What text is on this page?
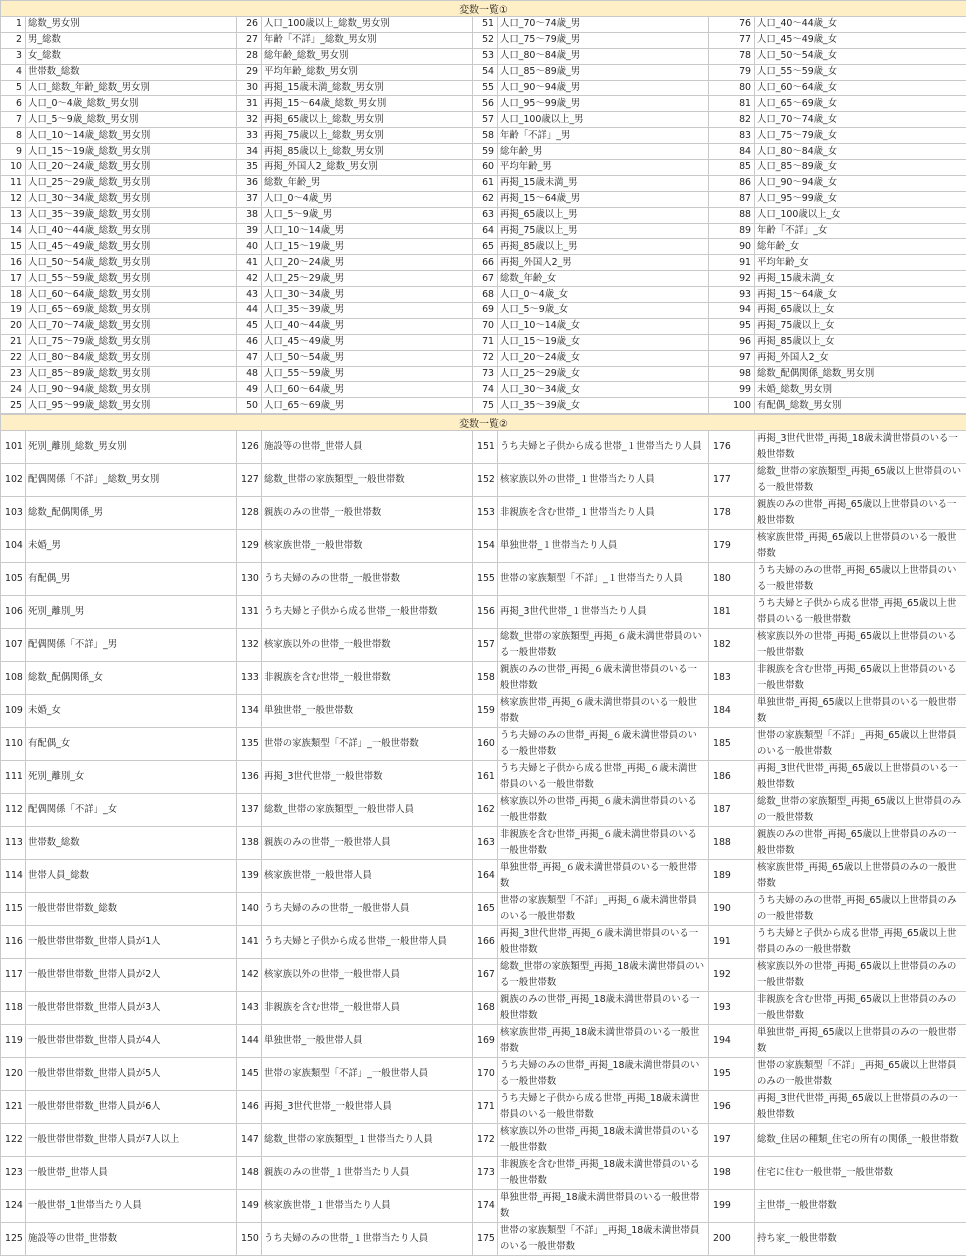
変数一覧①							
1	総数_男女別	26	人口_100歳以上_総数_男女別	51	人口_70～74歳_男	76	人口_40～44歳_女
2	男_総数	27	年齢「不詳」_総数_男女別	52	人口_75～79歳_男	77	人口_45～49歳_女
3	女_総数	28	総年齢_総数_男女別	53	人口_80～84歳_男	78	人口_50～54歳_女
4	世帯数_総数	29	平均年齢_総数_男女別	54	人口_85～89歳_男	79	人口_55～59歳_女
5	人口_総数_年齢_総数_男女別	30	再掲_15歳未満_総数_男女別	55	人口_90～94歳_男	80	人口_60～64歳_女
6	人口_0～4歳_総数_男女別	31	再掲_15～64歳_総数_男女別	56	人口_95～99歳_男	81	人口_65～69歳_女
7	人口_5～9歳_総数_男女別	32	再掲_65歳以上_総数_男女別	57	人口_100歳以上_男	82	人口_70～74歳_女
8	人口_10～14歳_総数_男女別	33	再掲_75歳以上_総数_男女別	58	年齢「不詳」_男	83	人口_75～79歳_女
9	人口_15～19歳_総数_男女別	34	再掲_85歳以上_総数_男女別	59	総年齢_男	84	人口_80～84歳_女
10	人口_20～24歳_総数_男女別	35	再掲_外国人2_総数_男女別	60	平均年齢_男	85	人口_85～89歳_女
11	人口_25～29歳_総数_男女別	36	総数_年齢_男	61	再掲_15歳未満_男	86	人口_90～94歳_女
12	人口_30～34歳_総数_男女別	37	人口_0～4歳_男	62	再掲_15～64歳_男	87	人口_95～99歳_女
13	人口_35～39歳_総数_男女別	38	人口_5～9歳_男	63	再掲_65歳以上_男	88	人口_100歳以上_女
14	人口_40～44歳_総数_男女別	39	人口_10～14歳_男	64	再掲_75歳以上_男	89	年齢「不詳」_女
15	人口_45～49歳_総数_男女別	40	人口_15～19歳_男	65	再掲_85歳以上_男	90	総年齢_女
16	人口_50～54歳_総数_男女別	41	人口_20～24歳_男	66	再掲_外国人2_男	91	平均年齢_女
17	人口_55～59歳_総数_男女別	42	人口_25～29歳_男	67	総数_年齢_女	92	再掲_15歳未満_女
18	人口_60～64歳_総数_男女別	43	人口_30～34歳_男	68	人口_0～4歳_女	93	再掲_15～64歳_女
19	人口_65～69歳_総数_男女別	44	人口_35～39歳_男	69	人口_5～9歳_女	94	再掲_65歳以上_女
20	人口_70～74歳_総数_男女別	45	人口_40～44歳_男	70	人口_10～14歳_女	95	再掲_75歳以上_女
21	人口_75～79歳_総数_男女別	46	人口_45～49歳_男	71	人口_15～19歳_女	96	再掲_85歳以上_女
22	人口_80～84歳_総数_男女別	47	人口_50～54歳_男	72	人口_20～24歳_女	97	再掲_外国人2_女
23	人口_85～89歳_総数_男女別	48	人口_55～59歳_男	73	人口_25～29歳_女	98	総数_配偶関係_総数_男女別
24	人口_90～94歳_総数_男女別	49	人口_60～64歳_男	74	人口_30～34歳_女	99	未婚_総数_男女別
25	人口_95～99歳_総数_男女別	50	人口_65～69歳_男	75	人口_35～39歳_女	100	有配偶_総数_男女別
変数一覧②							
101	死別_離別_総数_男女別	126	施設等の世帯_世帯人員	151	うち夫婦と子供から成る世帯_１世帯当たり人員	176	再掲_3世代世帯_再掲_18歳未満世帯員のいる一般世帯数
102	配偶関係「不詳」_総数_男女別	127	総数_世帯の家族類型_一般世帯数	152	核家族以外の世帯_１世帯当たり人員	177	総数_世帯の家族類型_再掲_65歳以上世帯員のいる一般世帯数
103	総数_配偶関係_男	128	親族のみの世帯_一般世帯数	153	非親族を含む世帯_１世帯当たり人員	178	親族のみの世帯_再掲_65歳以上世帯員のいる一般世帯数
104	未婚_男	129	核家族世帯_一般世帯数	154	単独世帯_１世帯当たり人員	179	核家族世帯_再掲_65歳以上世帯員のいる一般世帯数
105	有配偶_男	130	うち夫婦のみの世帯_一般世帯数	155	世帯の家族類型「不詳」_１世帯当たり人員	180	うち夫婦のみの世帯_再掲_65歳以上世帯員のいる一般世帯数
106	死別_離別_男	131	うち夫婦と子供から成る世帯_一般世帯数	156	再掲_3世代世帯_１世帯当たり人員	181	うち夫婦と子供から成る世帯_再掲_65歳以上世帯員のいる一般世帯数
107	配偶関係「不詳」_男	132	核家族以外の世帯_一般世帯数	157	総数_世帯の家族類型_再掲_６歳未満世帯員のいる一般世帯数	182	核家族以外の世帯_再掲_65歳以上世帯員のいる一般世帯数
108	総数_配偶関係_女	133	非親族を含む世帯_一般世帯数	158	親族のみの世帯_再掲_６歳未満世帯員のいる一般世帯数	183	非親族を含む世帯_再掲_65歳以上世帯員のいる一般世帯数
109	未婚_女	134	単独世帯_一般世帯数	159	核家族世帯_再掲_６歳未満世帯員のいる一般世帯数	184	単独世帯_再掲_65歳以上世帯員のいる一般世帯数
110	有配偶_女	135	世帯の家族類型「不詳」_一般世帯数	160	うち夫婦のみの世帯_再掲_６歳未満世帯員のいる一般世帯数	185	世帯の家族類型「不詳」_再掲_65歳以上世帯員のいる一般世帯数
111	死別_離別_女	136	再掲_3世代世帯_一般世帯数	161	うち夫婦と子供から成る世帯_再掲_６歳未満世帯員のいる一般世帯数	186	再掲_3世代世帯_再掲_65歳以上世帯員のいる一般世帯数
112	配偶関係「不詳」_女	137	総数_世帯の家族類型_一般世帯人員	162	核家族以外の世帯_再掲_６歳未満世帯員のいる一般世帯数	187	総数_世帯の家族類型_再掲_65歳以上世帯員のみの一般世帯数
113	世帯数_総数	138	親族のみの世帯_一般世帯人員	163	非親族を含む世帯_再掲_６歳未満世帯員のいる一般世帯数	188	親族のみの世帯_再掲_65歳以上世帯員のみの一般世帯数
114	世帯人員_総数	139	核家族世帯_一般世帯人員	164	単独世帯_再掲_６歳未満世帯員のいる一般世帯数	189	核家族世帯_再掲_65歳以上世帯員のみの一般世帯数
115	一般世帯世帯数_総数	140	うち夫婦のみの世帯_一般世帯人員	165	世帯の家族類型「不詳」_再掲_６歳未満世帯員のいる一般世帯数	190	うち夫婦のみの世帯_再掲_65歳以上世帯員のみの一般世帯数
116	一般世帯世帯数_世帯人員が1人	141	うち夫婦と子供から成る世帯_一般世帯人員	166	再掲_3世代世帯_再掲_６歳未満世帯員のいる一般世帯数	191	うち夫婦と子供から成る世帯_再掲_65歳以上世帯員のみの一般世帯数
117	一般世帯世帯数_世帯人員が2人	142	核家族以外の世帯_一般世帯人員	167	総数_世帯の家族類型_再掲_18歳未満世帯員のいる一般世帯数	192	核家族以外の世帯_再掲_65歳以上世帯員のみの一般世帯数
118	一般世帯世帯数_世帯人員が3人	143	非親族を含む世帯_一般世帯人員	168	親族のみの世帯_再掲_18歳未満世帯員のいる一般世帯数	193	非親族を含む世帯_再掲_65歳以上世帯員のみの一般世帯数
119	一般世帯世帯数_世帯人員が4人	144	単独世帯_一般世帯人員	169	核家族世帯_再掲_18歳未満世帯員のいる一般世帯数	194	単独世帯_再掲_65歳以上世帯員のみの一般世帯数
120	一般世帯世帯数_世帯人員が5人	145	世帯の家族類型「不詳」_一般世帯人員	170	うち夫婦のみの世帯_再掲_18歳未満世帯員のいる一般世帯数	195	世帯の家族類型「不詳」_再掲_65歳以上世帯員のみの一般世帯数
121	一般世帯世帯数_世帯人員が6人	146	再掲_3世代世帯_一般世帯人員	171	うち夫婦と子供から成る世帯_再掲_18歳未満世帯員のいる一般世帯数	196	再掲_3世代世帯_再掲_65歳以上世帯員のみの一般世帯数
122	一般世帯世帯数_世帯人員が7人以上	147	総数_世帯の家族類型_１世帯当たり人員	172	核家族以外の世帯_再掲_18歳未満世帯員のいる一般世帯数	197	総数_住居の種類_住宅の所有の関係_一般世帯数
123	一般世帯_世帯人員	148	親族のみの世帯_１世帯当たり人員	173	非親族を含む世帯_再掲_18歳未満世帯員のいる一般世帯数	198	住宅に住む一般世帯_一般世帯数
124	一般世帯_1世帯当たり人員	149	核家族世帯_１世帯当たり人員	174	単独世帯_再掲_18歳未満世帯員のいる一般世帯数	199	主世帯_一般世帯数
125	施設等の世帯_世帯数	150	うち夫婦のみの世帯_１世帯当たり人員	175	世帯の家族類型「不詳」_再掲_18歳未満世帯員のいる一般世帯数	200	持ち家_一般世帯数
